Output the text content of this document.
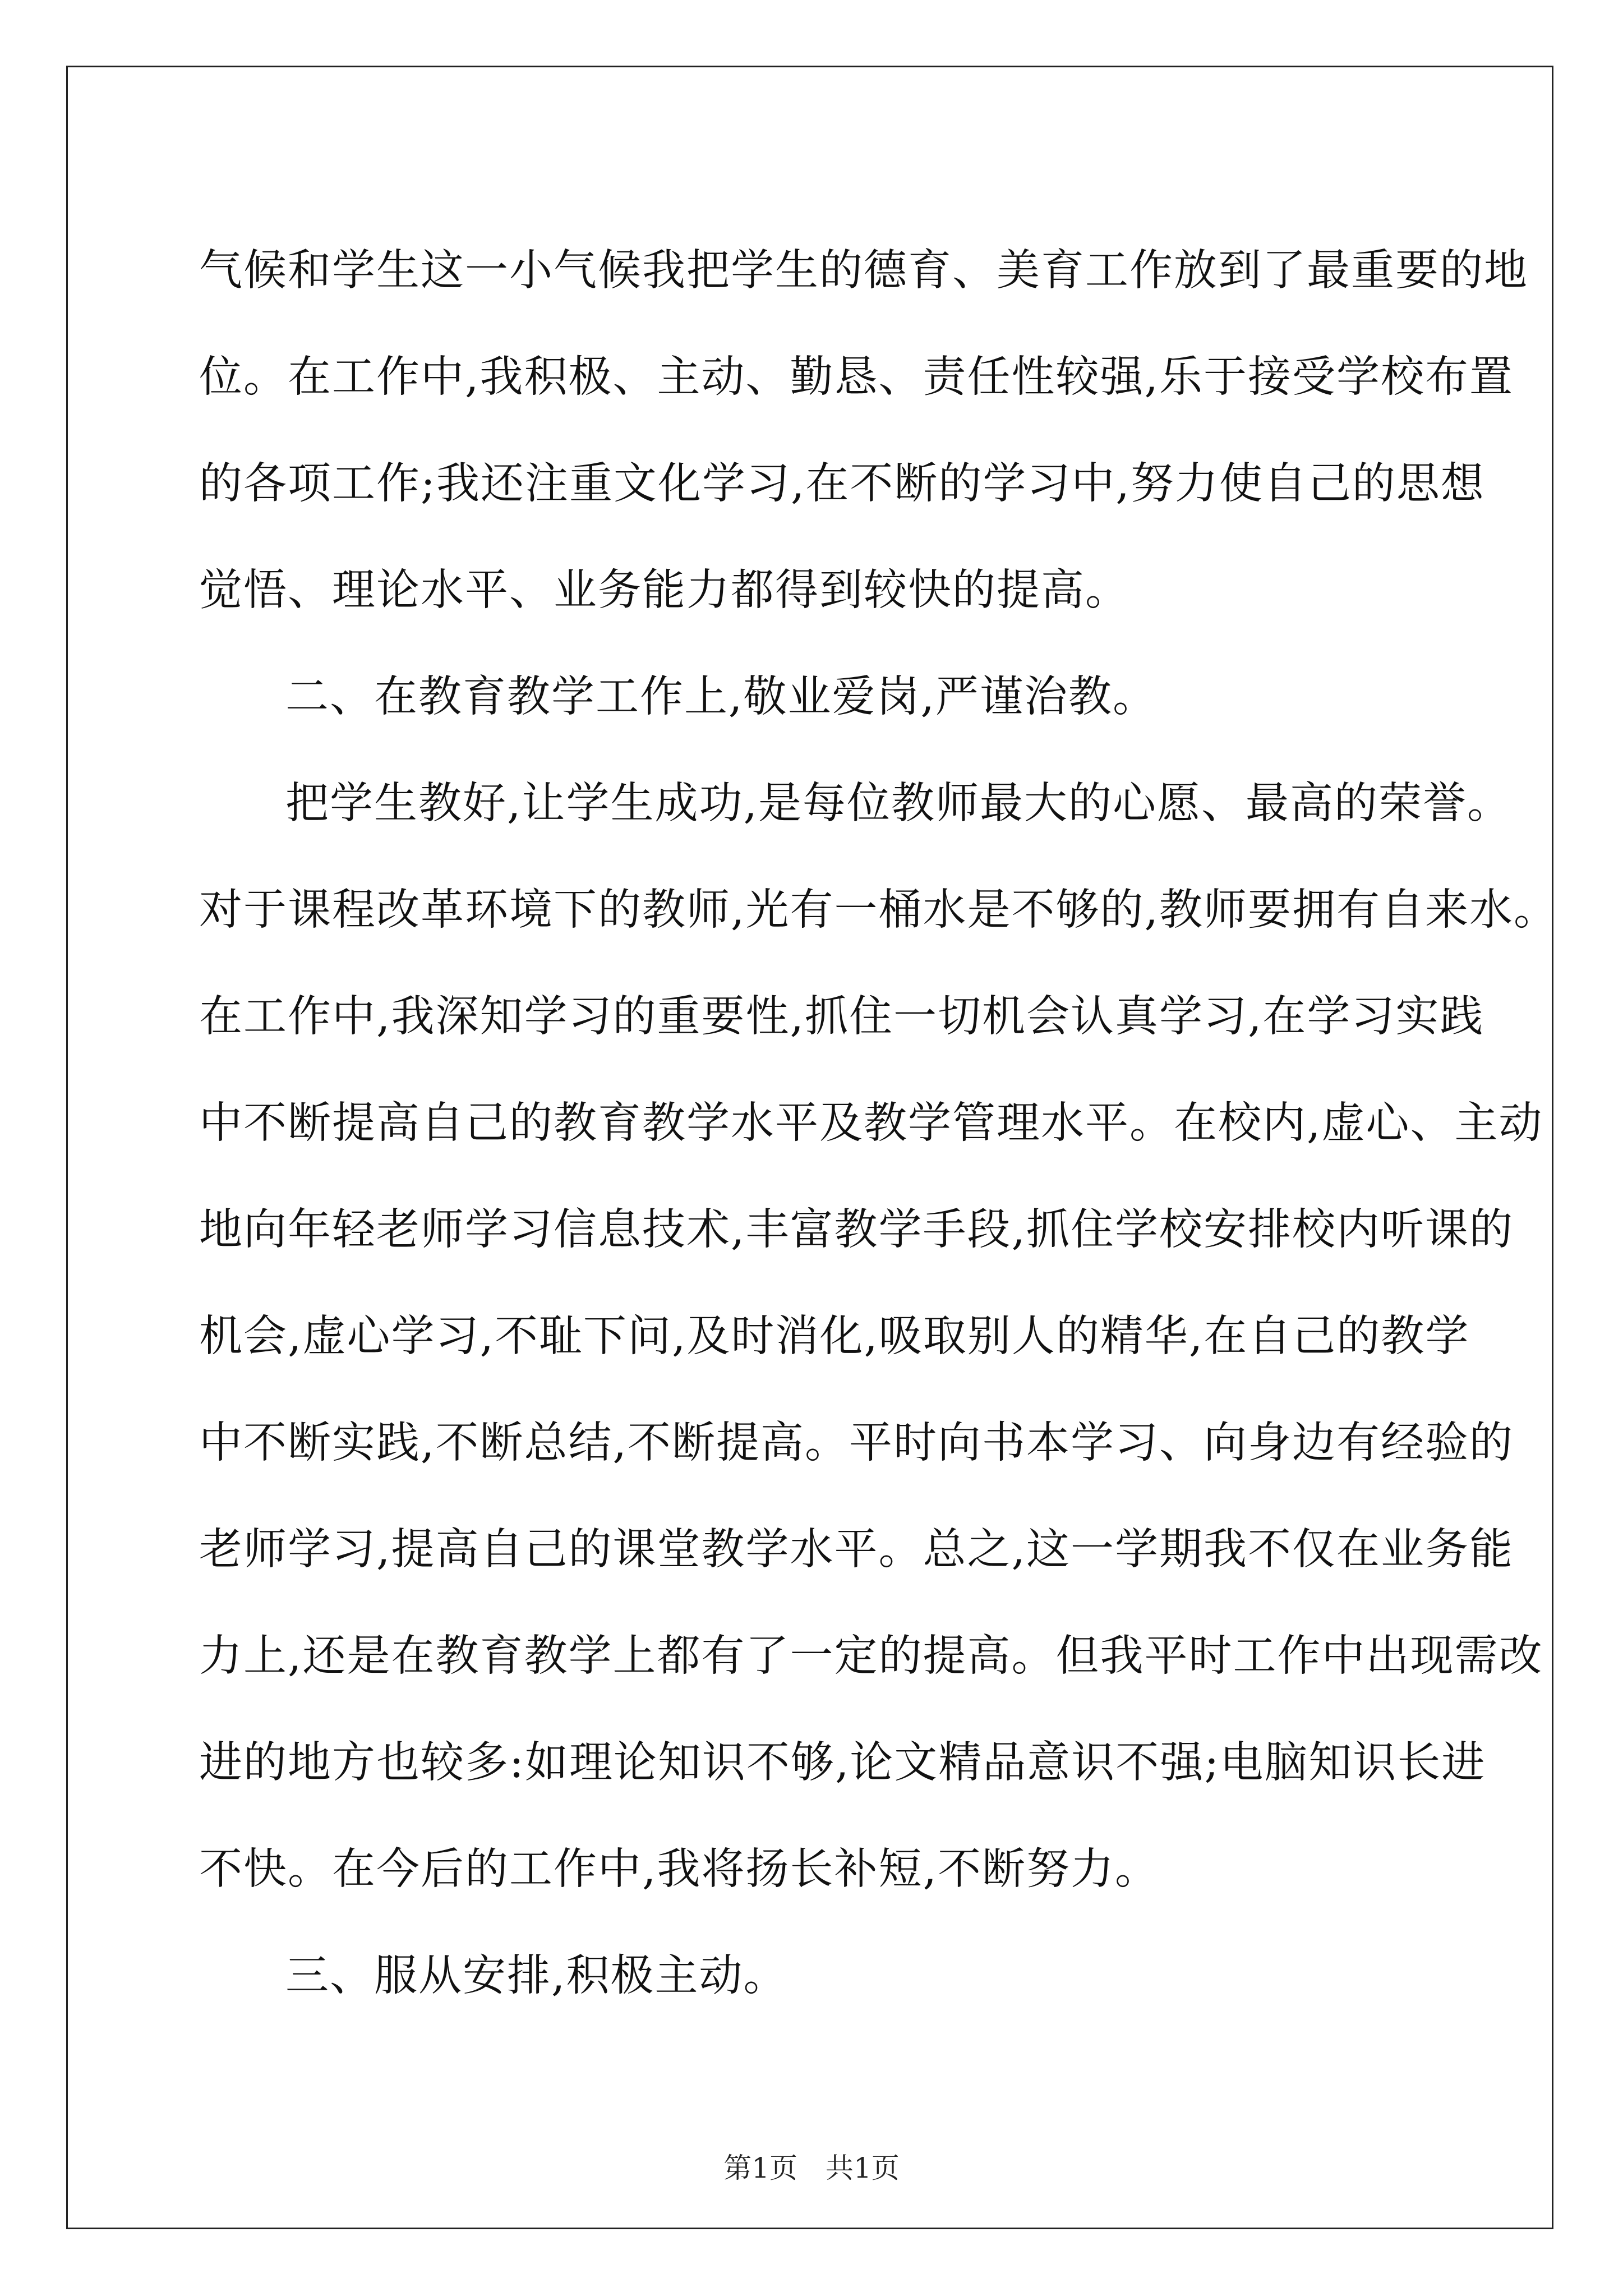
气候和学生这一小气候我把学生的德育、美育工作放到了最重要的地
位。在工作中,我积极、主动、勤恳、责任性较强,乐于接受学校布置
的各项工作;我还注重文化学习,在不断的学习中,努力使自己的思想
觉悟、理论水平、业务能力都得到较快的提高。
二、在教育教学工作上,敬业爱岗,严谨治教。
把学生教好,让学生成功,是每位教师最大的心愿、最高的荣誉。
对于课程改革环境下的教师,光有一桶水是不够的,教师要拥有自来水。
在工作中,我深知学习的重要性,抓住一切机会认真学习,在学习实践
中不断提高自己的教育教学水平及教学管理水平。在校内,虚心、主动
地向年轻老师学习信息技术,丰富教学手段,抓住学校安排校内听课的
机会,虚心学习,不耻下问,及时消化,吸取别人的精华,在自己的教学
中不断实践,不断总结,不断提高。平时向书本学习、向身边有经验的
老师学习,提高自己的课堂教学水平。总之,这一学期我不仅在业务能
力上,还是在教育教学上都有了一定的提高。但我平时工作中出现需改
进的地方也较多:如理论知识不够,论文精品意识不强;电脑知识长进
不快。在今后的工作中,我将扬长补短,不断努力。
三、服从安排,积极主动。
第1页　共1页
